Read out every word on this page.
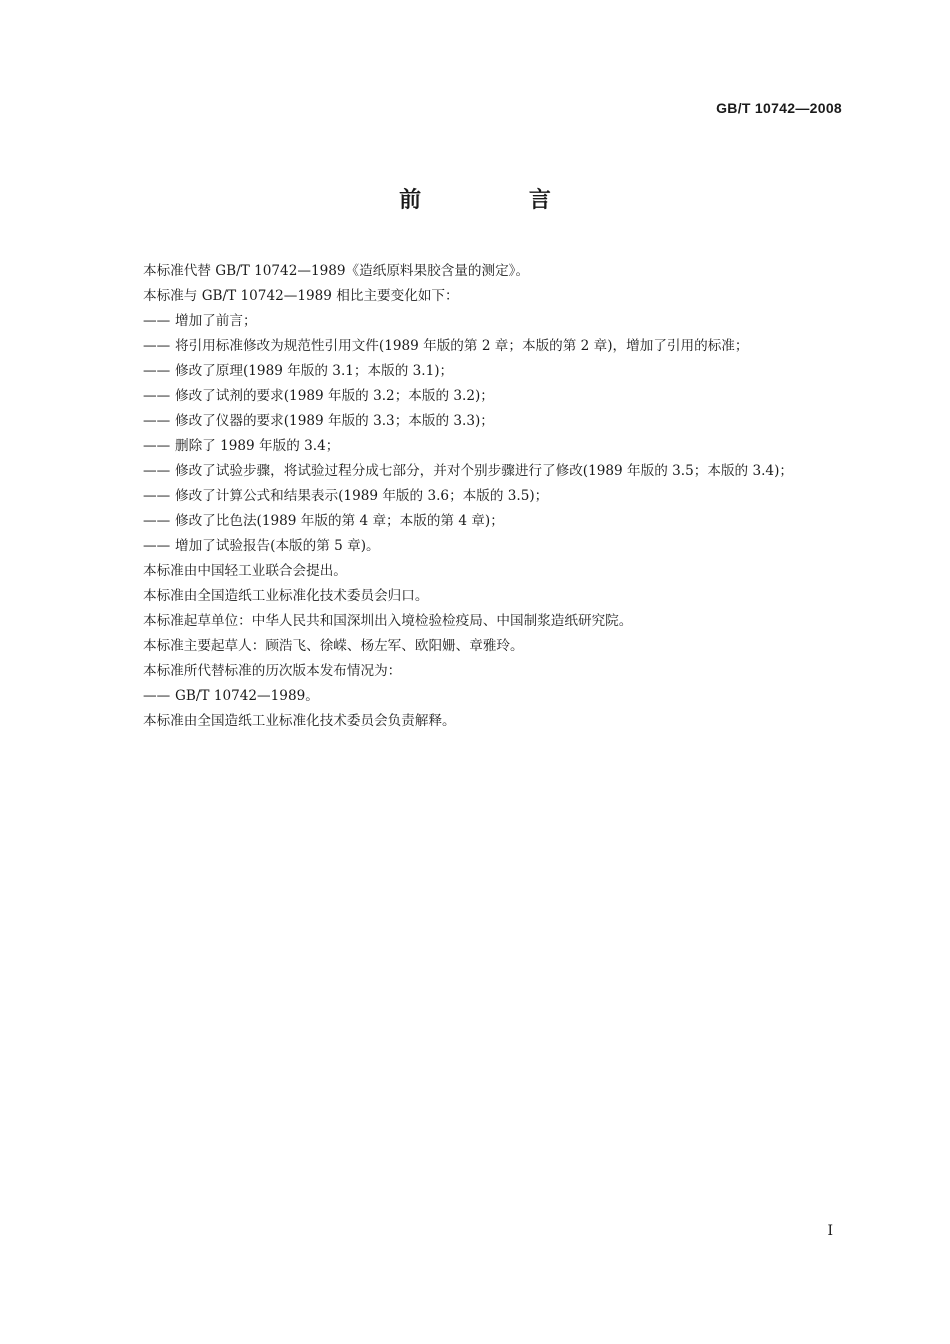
GB/T 10742—2008
前 言
本标准代替 GB/T 10742—1989《造纸原料果胶含量的测定》。
本标准与 GB/T 10742—1989 相比主要变化如下：
—— 增加了前言；
—— 将引用标准修改为规范性引用文件(1989 年版的第 2 章；本版的第 2 章)，增加了引用的标准；
—— 修改了原理(1989 年版的 3.1；本版的 3.1)；
—— 修改了试剂的要求(1989 年版的 3.2；本版的 3.2)；
—— 修改了仪器的要求(1989 年版的 3.3；本版的 3.3)；
—— 删除了 1989 年版的 3.4；
—— 修改了试验步骤，将试验过程分成七部分，并对个别步骤进行了修改(1989 年版的 3.5；本版的 3.4)；
—— 修改了计算公式和结果表示(1989 年版的 3.6；本版的 3.5)；
—— 修改了比色法(1989 年版的第 4 章；本版的第 4 章)；
—— 增加了试验报告(本版的第 5 章)。
本标准由中国轻工业联合会提出。
本标准由全国造纸工业标准化技术委员会归口。
本标准起草单位：中华人民共和国深圳出入境检验检疫局、中国制浆造纸研究院。
本标准主要起草人：顾浩飞、徐嵘、杨左军、欧阳姗、章雅玲。
本标准所代替标准的历次版本发布情况为：
—— GB/T 10742—1989。
本标准由全国造纸工业标准化技术委员会负责解释。
I
